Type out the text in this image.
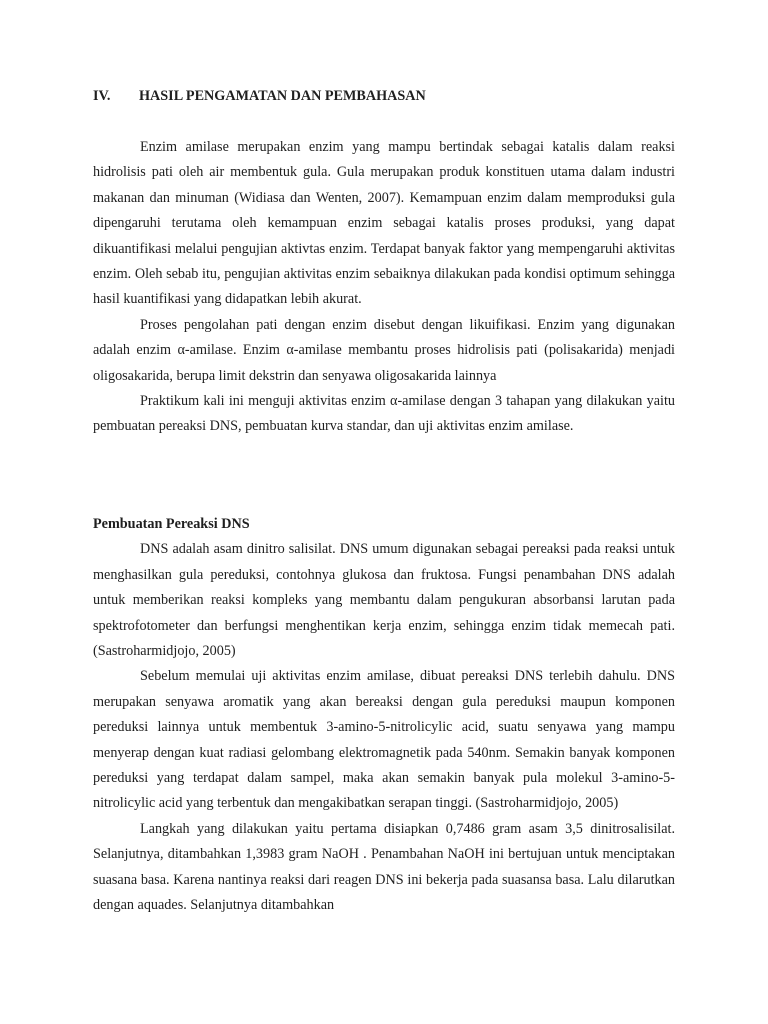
IV. HASIL PENGAMATAN DAN PEMBAHASAN

Enzim amilase merupakan enzim yang mampu bertindak sebagai katalis dalam reaksi hidrolisis pati oleh air membentuk gula. Gula merupakan produk konstituen utama dalam industri makanan dan minuman (Widiasa dan Wenten, 2007). Kemampuan enzim dalam memproduksi gula dipengaruhi terutama oleh kemampuan enzim sebagai katalis proses produksi, yang dapat dikuantifikasi melalui pengujian aktivtas enzim. Terdapat banyak faktor yang mempengaruhi aktivitas enzim. Oleh sebab itu, pengujian aktivitas enzim sebaiknya dilakukan pada kondisi optimum sehingga hasil kuantifikasi yang didapatkan lebih akurat.

Proses pengolahan pati dengan enzim disebut dengan likuifikasi. Enzim yang digunakan adalah enzim α-amilase. Enzim α-amilase membantu proses hidrolisis pati (polisakarida) menjadi oligosakarida, berupa limit dekstrin dan senyawa oligosakarida lainnya

Praktikum kali ini menguji aktivitas enzim α-amilase dengan 3 tahapan yang dilakukan yaitu pembuatan pereaksi DNS, pembuatan kurva standar, dan uji aktivitas enzim amilase.

Pembuatan Pereaksi DNS

DNS adalah asam dinitro salisilat. DNS umum digunakan sebagai pereaksi pada reaksi untuk menghasilkan gula pereduksi, contohnya glukosa dan fruktosa. Fungsi penambahan DNS adalah untuk memberikan reaksi kompleks yang membantu dalam pengukuran absorbansi larutan pada spektrofotometer dan berfungsi menghentikan kerja enzim, sehingga enzim tidak memecah pati. (Sastroharmidjojo, 2005)

Sebelum memulai uji aktivitas enzim amilase, dibuat pereaksi DNS terlebih dahulu. DNS merupakan senyawa aromatik yang akan bereaksi dengan gula pereduksi maupun komponen pereduksi lainnya untuk membentuk 3-amino-5-nitrolicylic acid, suatu senyawa yang mampu menyerap dengan kuat radiasi gelombang elektromagnetik pada 540nm. Semakin banyak komponen pereduksi yang terdapat dalam sampel, maka akan semakin banyak pula molekul 3-amino-5-nitrolicylic acid yang terbentuk dan mengakibatkan serapan tinggi. (Sastroharmidjojo, 2005)

Langkah yang dilakukan yaitu pertama disiapkan 0,7486 gram asam 3,5 dinitrosalisilat. Selanjutnya, ditambahkan 1,3983 gram NaOH . Penambahan NaOH ini bertujuan untuk menciptakan suasana basa. Karena nantinya reaksi dari reagen DNS ini bekerja pada suasansa basa. Lalu dilarutkan dengan aquades. Selanjutnya ditambahkan
